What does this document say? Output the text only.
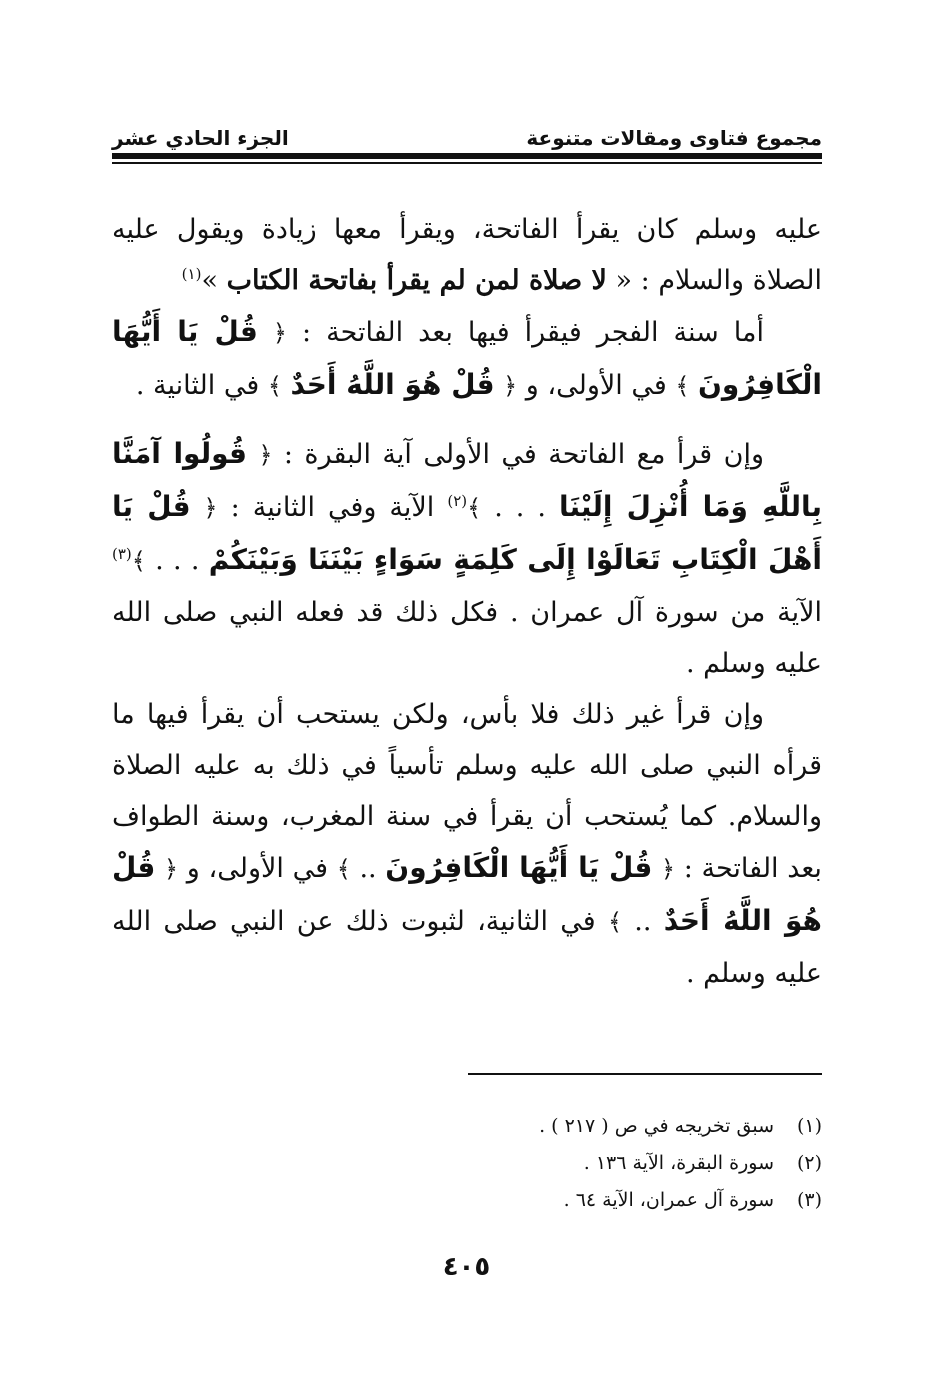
مجموع فتاوى ومقالات متنوعة
الجزء الحادي عشر

عليه وسلم كان يقرأ الفاتحة، ويقرأ معها زيادة ويقول عليه الصلاة والسلام : « لا صلاة لمن لم يقرأ بفاتحة الكتاب »$^{(١)}$

أما سنة الفجر فيقرأ فيها بعد الفاتحة : ﴿ قُلْ يَا أَيُّهَا الْكَافِرُونَ ﴾ في الأولى، و ﴿ قُلْ هُوَ اللَّهُ أَحَدٌ ﴾ في الثانية .

وإن قرأ مع الفاتحة في الأولى آية البقرة : ﴿ قُولُوا آمَنَّا بِاللَّهِ وَمَا أُنْزِلَ إِلَيْنَا . . . ﴾$^{(٢)}$ الآية وفي الثانية : ﴿ قُلْ يَا أَهْلَ الْكِتَابِ تَعَالَوْا إِلَى كَلِمَةٍ سَوَاءٍ بَيْنَنَا وَبَيْنَكُمْ . . . ﴾$^{(٣)}$ الآية من سورة آل عمران . فكل ذلك قد فعله النبي صلى الله عليه وسلم .

وإن قرأ غير ذلك فلا بأس، ولكن يستحب أن يقرأ فيها ما قرأه النبي صلى الله عليه وسلم تأسياً في ذلك به عليه الصلاة والسلام. كما يُستحب أن يقرأ في سنة المغرب، وسنة الطواف بعد الفاتحة : ﴿ قُلْ يَا أَيُّهَا الْكَافِرُونَ .. ﴾ في الأولى، و ﴿ قُلْ هُوَ اللَّهُ أَحَدٌ .. ﴾ في الثانية، لثبوت ذلك عن النبي صلى الله عليه وسلم .

(١)
سبق تخريجه في ص ( ٢١٧ ) .
(٢)
سورة البقرة، الآية ١٣٦ .
(٣)
سورة آل عمران، الآية ٦٤ .
٤٠٥
